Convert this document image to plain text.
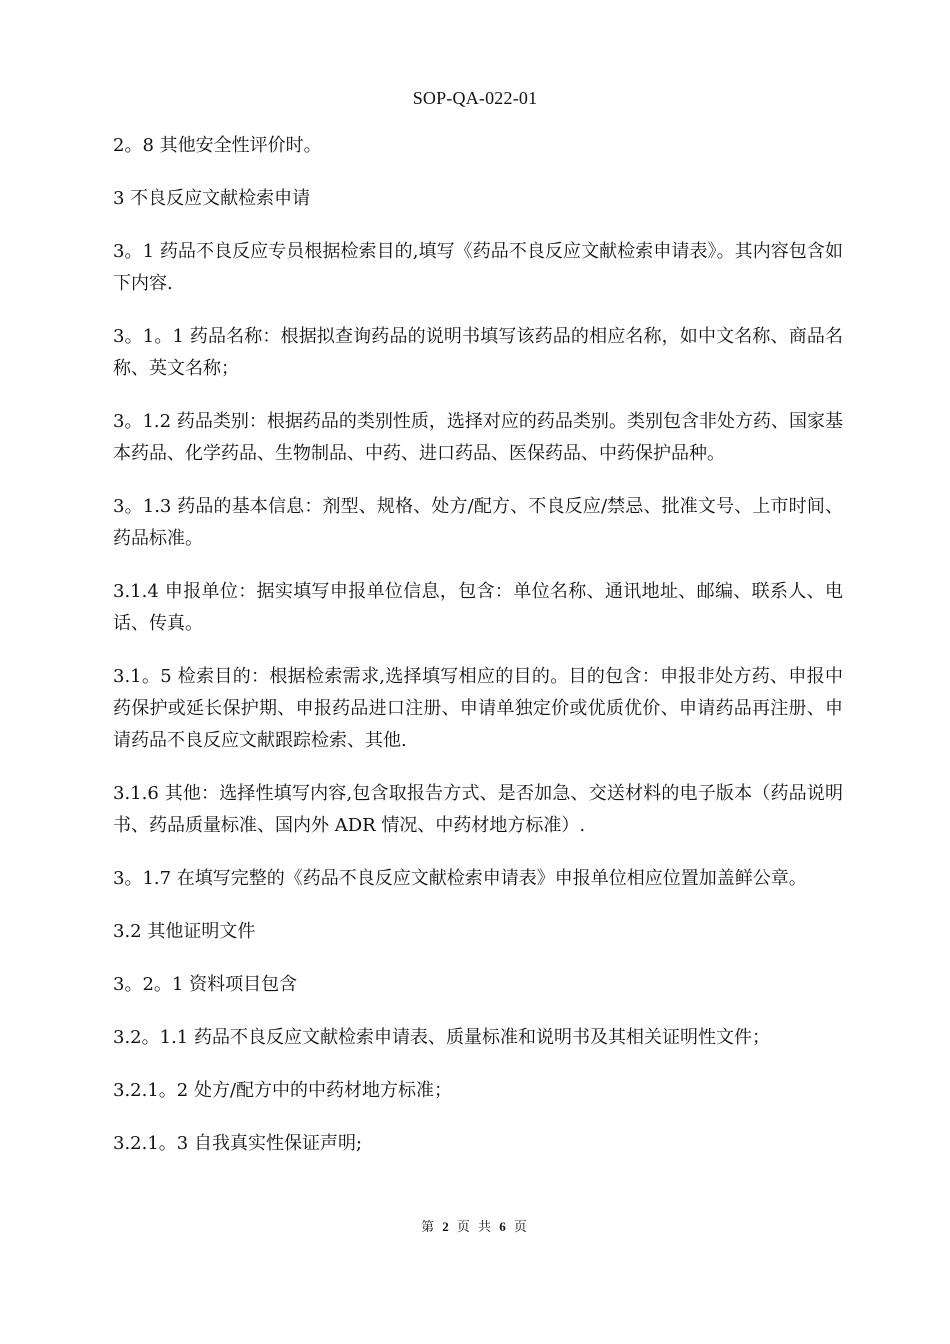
SOP-QA-022-01

2。8 其他安全性评价时。

3 不良反应文献检索申请

3。1 药品不良反应专员根据检索目的,填写《药品不良反应文献检索申请表》。其内容包含如下内容.

3。1。1 药品名称：根据拟查询药品的说明书填写该药品的相应名称，如中文名称、商品名称、英文名称；

3。1.2 药品类别：根据药品的类别性质，选择对应的药品类别。类别包含非处方药、国家基本药品、化学药品、生物制品、中药、进口药品、医保药品、中药保护品种。

3。1.3 药品的基本信息：剂型、规格、处方/配方、不良反应/禁忌、批准文号、上市时间、药品标准。

3.1.4 申报单位：据实填写申报单位信息，包含：单位名称、通讯地址、邮编、联系人、电话、传真。

3.1。5 检索目的：根据检索需求,选择填写相应的目的。目的包含：申报非处方药、申报中药保护或延长保护期、申报药品进口注册、申请单独定价或优质优价、申请药品再注册、申请药品不良反应文献跟踪检索、其他.

3.1.6 其他：选择性填写内容,包含取报告方式、是否加急、交送材料的电子版本（药品说明书、药品质量标准、国内外 ADR 情况、中药材地方标准）.

3。1.7 在填写完整的《药品不良反应文献检索申请表》申报单位相应位置加盖鲜公章。

3.2 其他证明文件

3。2。1 资料项目包含

3.2。1.1 药品不良反应文献检索申请表、质量标准和说明书及其相关证明性文件；

3.2.1。2 处方/配方中的中药材地方标准；

3.2.1。3 自我真实性保证声明;

第 2 页 共 6 页
